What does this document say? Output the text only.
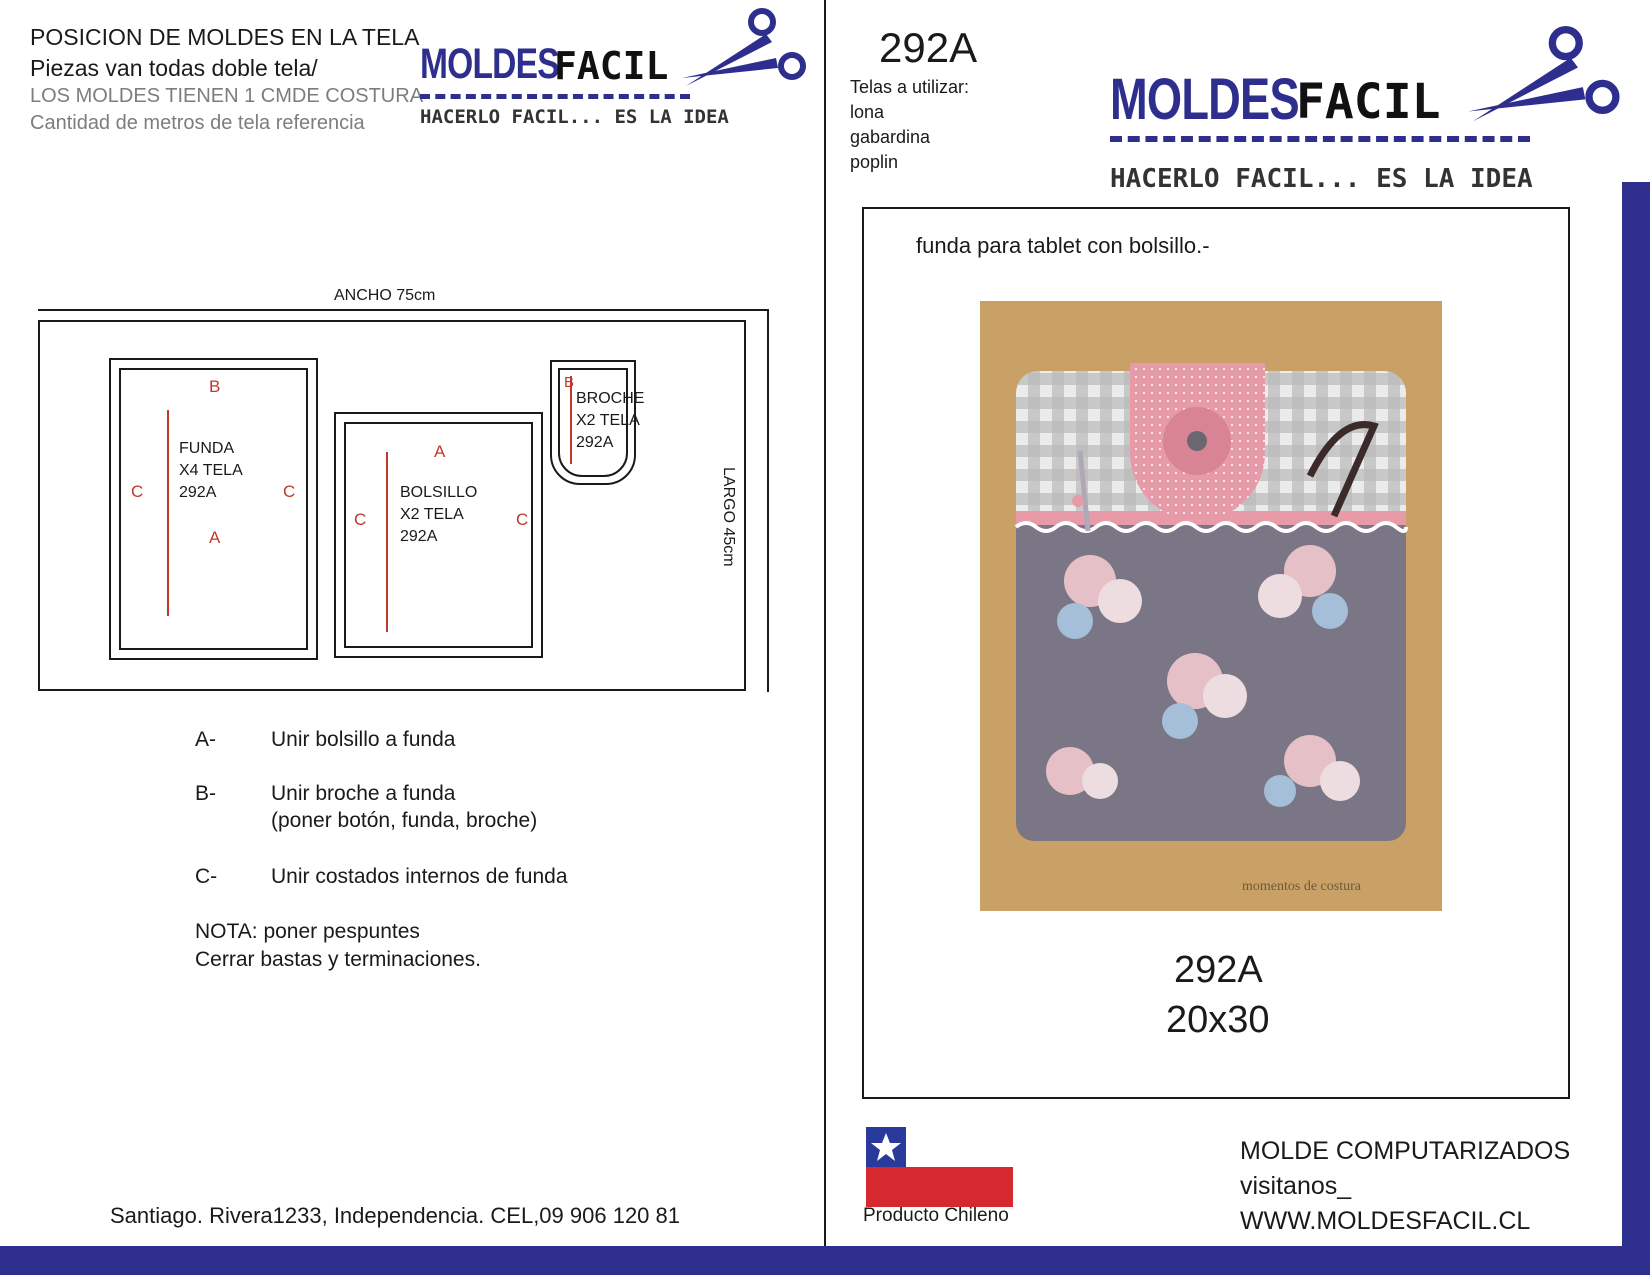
POSICION DE MOLDES EN LA TELA
Piezas van todas doble tela/
LOS MOLDES TIENEN 1 CMDE COSTURA
Cantidad de metros de tela referencia
MOLDES
FACIL
HACERLO FACIL... ES LA IDEA
ANCHO 75cm
LARGO 45cm
B
A
C	C
FUNDA
X4 TELA
292A
A
C	C
BOLSILLO
X2 TELA
292A
B
BROCHE
X2 TELA
292A
A-	Unir bolsillo a funda
B-	Unir broche a funda
(poner botón, funda, broche)
C-	Unir costados internos de funda
NOTA: poner pespuntes
Cerrar bastas y terminaciones.
Santiago. Rivera1233, Independencia. CEL,09 906 120 81
292A
Telas a utilizar:
lona
gabardina
poplin
MOLDES
FACIL
HACERLO FACIL... ES LA IDEA
funda para tablet con bolsillo.-
momentos de costura
292A
20x30
Producto Chileno
MOLDE COMPUTARIZADOS
visitanos_
WWW.MOLDESFACIL.CL
